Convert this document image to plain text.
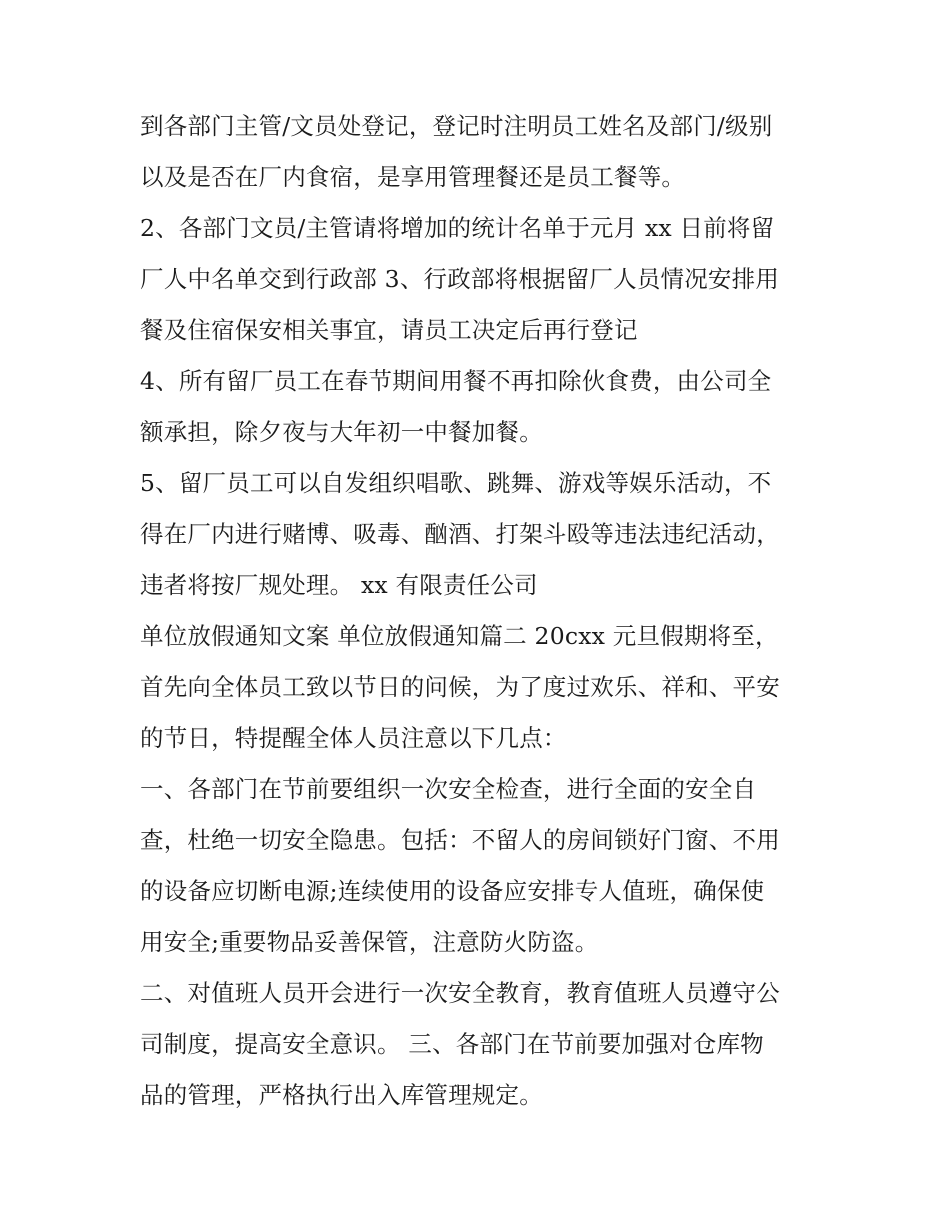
到各部门主管/文员处登记，登记时注明员工姓名及部门/级别
以及是否在厂内食宿，是享用管理餐还是员工餐等。
2、各部门文员/主管请将增加的统计名单于元月 xx 日前将留
厂人中名单交到行政部 3、行政部将根据留厂人员情况安排用
餐及住宿保安相关事宜，请员工决定后再行登记
4、所有留厂员工在春节期间用餐不再扣除伙食费，由公司全
额承担，除夕夜与大年初一中餐加餐。
5、留厂员工可以自发组织唱歌、跳舞、游戏等娱乐活动，不
得在厂内进行赌博、吸毒、酗酒、打架斗殴等违法违纪活动，
违者将按厂规处理。 xx 有限责任公司
单位放假通知文案 单位放假通知篇二 20cxx 元旦假期将至，
首先向全体员工致以节日的问候，为了度过欢乐、祥和、平安
的节日，特提醒全体人员注意以下几点：
一、各部门在节前要组织一次安全检查，进行全面的安全自
查，杜绝一切安全隐患。包括：不留人的房间锁好门窗、不用
的设备应切断电源;连续使用的设备应安排专人值班，确保使
用安全;重要物品妥善保管，注意防火防盗。
二、对值班人员开会进行一次安全教育，教育值班人员遵守公
司制度，提高安全意识。 三、各部门在节前要加强对仓库物
品的管理，严格执行出入库管理规定。
